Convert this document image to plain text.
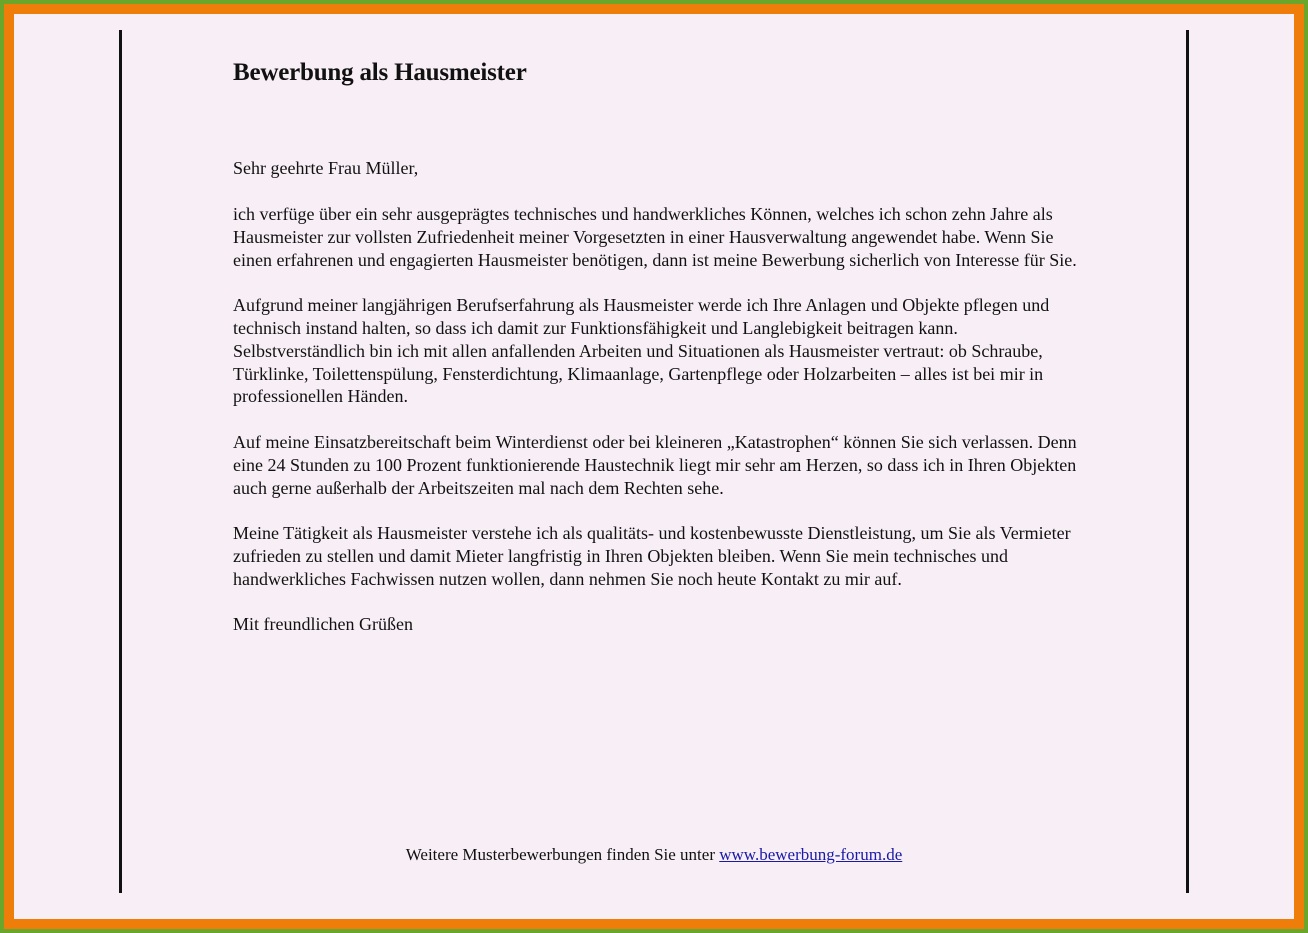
Bewerbung als Hausmeister

Sehr geehrte Frau Müller,

ich verfüge über ein sehr ausgeprägtes technisches und handwerkliches Können, welches ich schon zehn Jahre als Hausmeister zur vollsten Zufriedenheit meiner Vorgesetzten in einer Hausverwaltung angewendet habe. Wenn Sie einen erfahrenen und engagierten Hausmeister benötigen, dann ist meine Bewerbung sicherlich von Interesse für Sie.

Aufgrund meiner langjährigen Berufserfahrung als Hausmeister werde ich Ihre Anlagen und Objekte pflegen und technisch instand halten, so dass ich damit zur Funktionsfähigkeit und Langlebigkeit beitragen kann. Selbstverständlich bin ich mit allen anfallenden Arbeiten und Situationen als Hausmeister vertraut: ob Schraube, Türklinke, Toilettenspülung, Fensterdichtung, Klimaanlage, Gartenpflege oder Holzarbeiten – alles ist bei mir in professionellen Händen.

Auf meine Einsatzbereitschaft beim Winterdienst oder bei kleineren „Katastrophen“ können Sie sich verlassen. Denn eine 24 Stunden zu 100 Prozent funktionierende Haustechnik liegt mir sehr am Herzen, so dass ich in Ihren Objekten auch gerne außerhalb der Arbeitszeiten mal nach dem Rechten sehe.

Meine Tätigkeit als Hausmeister verstehe ich als qualitäts- und kostenbewusste Dienstleistung, um Sie als Vermieter zufrieden zu stellen und damit Mieter langfristig in Ihren Objekten bleiben. Wenn Sie mein technisches und handwerkliches Fachwissen nutzen wollen, dann nehmen Sie noch heute Kontakt zu mir auf.

Mit freundlichen Grüßen

Weitere Musterbewerbungen finden Sie unter www.bewerbung-forum.de
